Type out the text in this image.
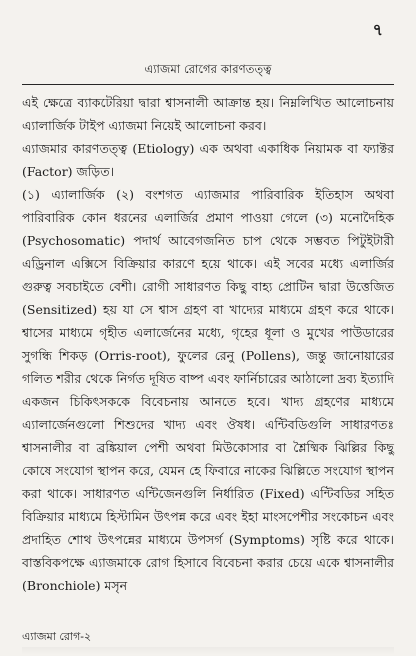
৭
এ্যাজমা রোগের কারণতত্ত্ব

এই ক্ষেত্রে ব্যাকটেরিয়া দ্বারা শ্বাসনালী আক্রান্ত হয়। নিম্নলিখিত আলোচনায় এ্যালার্জিক টাইপ এ্যাজমা নিয়েই আলোচনা করব।

এ্যাজমার কারণতত্ত্ব (Etiology) এক অথবা একাধিক নিয়ামক বা ফ্যাক্টর (Factor) জড়িত।

(১) এ্যালার্জিক (২) বংশগত এ্যাজমার পারিবারিক ইতিহাস অথবা পারিবারিক কোন ধরনের এলার্জির প্রমাণ পাওয়া গেলে (৩) মনোদৈহিক (Psychosomatic) পদার্থ আবেগজনিত চাপ থেকে সম্ভবত পিটুইটারী এড্রিনাল এক্সিসে বিক্রিয়ার কারণে হয়ে থাকে। এই সবের মধ্যে এলার্জির গুরুত্ব সবচাইতে বেশী। রোগী সাধারণত কিছু বাহ্য প্রোটিন দ্বারা উত্তেজিত (Sensitized) হয় যা সে শ্বাস গ্রহণ বা খাদ্যের মাধ্যমে গ্রহণ করে থাকে। শ্বাসের মাধ্যমে গৃহীত এলার্জেনের মধ্যে, গৃহের ধূলা ও মুখের পাউডারের সুগন্ধি শিকড় (Orris-root), ফুলের রেনু (Pollens), জন্তু জানোয়ারের গলিত শরীর থেকে নির্গত দূষিত বাষ্প এবং ফার্নিচারের আঠালো দ্রব্য ইত্যাদি একজন চিকিৎসককে বিবেচনায় আনতে হবে। খাদ্য গ্রহণের মাধ্যমে এ্যালার্জেনগুলো শিশুদের খাদ্য এবং ঔষধ। এন্টিবডিগুলি সাধারণতঃ শ্বাসনালীর বা ব্রঙ্কিয়াল পেশী অথবা মিউকোসার বা শ্লৈষ্মিক ঝিল্লির কিছু কোষে সংযোগ স্থাপন করে, যেমন হে ফিবারে নাকের ঝিল্লিতে সংযোগ স্থাপন করা থাকে। সাধারণত এন্টিজেনগুলি নির্ধারিত (Fixed) এন্টিবডির সহিত বিক্রিয়ার মাধ্যমে হিস্টামিন উৎপন্ন করে এবং ইহা মাংসপেশীর সংকোচন এবং প্রদাহিত শোথ উৎপন্নের মাধ্যমে উপসর্গ (Symptoms) সৃষ্টি করে থাকে। বাস্তবিকপক্ষে এ্যাজমাকে রোগ হিসাবে বিবেচনা করার চেয়ে একে শ্বাসনালীর (Bronchiole) মসৃন

এ্যাজমা রোগ-২
